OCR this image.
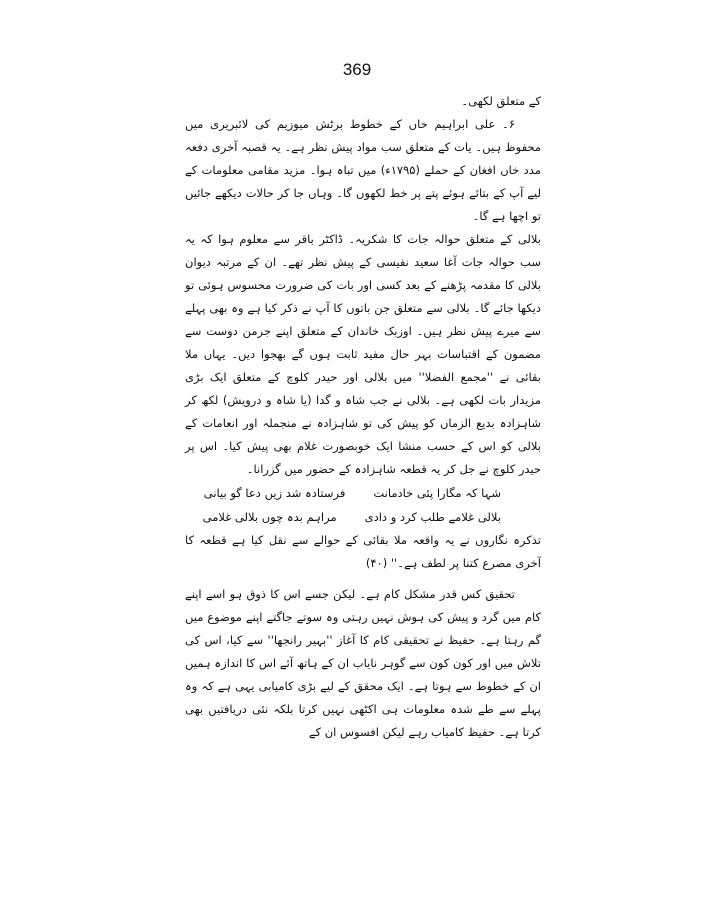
369

کے متعلق لکھی۔

۶۔ علی ابراہیم خاں کے خطوط برٹش میوزیم کی لائبریری میں محفوظ ہیں۔ یات کے متعلق سب مواد پیش نظر ہے۔ یہ قصبہ آخری دفعہ مدد خاں افغان کے حملے (۱۷۹۵ء) میں تباہ ہوا۔ مزید مقامی معلومات کے لیے آپ کے بتائے ہوئے پتے پر خط لکھوں گا۔ وہاں جا کر حالات دیکھے جائیں تو اچھا ہے گا۔

بلالی کے متعلق حوالہ جات کا شکریہ۔ ڈاکٹر باقر سے معلوم ہوا کہ یہ سب حوالہ جات آغا سعید نفیسی کے پیش نظر تھے۔ ان کے مرتبہ دیوان بلالی کا مقدمہ پڑھنے کے بعد کسی اور بات کی ضرورت محسوس ہوئی تو دیکھا جائے گا۔ بلالی سے متعلق جن باتوں کا آپ نے ذکر کیا ہے وہ بھی پہلے سے میرے پیش نظر ہیں۔ اوزبک خاندان کے متعلق اپنے جرمن دوست سے مضمون کے اقتباسات بہر حال مفید ثابت ہوں گے بھجوا دیں۔ یہاں ملا بقائی نے ''مجمع الفضلا'' میں بلالی اور حیدر کلوچ کے متعلق ایک بڑی مزیدار بات لکھی ہے۔ بلالی نے جب شاہ و گدا (یا شاہ و درویش) لکھ کر شاہزادہ بدیع الزماں کو پیش کی تو شاہزادہ نے منجملہ اور انعامات کے بلالی کو اس کے حسب منشا ایک خوبصورت غلام بھی پیش کیا۔ اس پر حیدر کلوچ نے جل کر یہ قطعہ شاہزادہ کے حضور میں گزرانا۔

شہا کہ مگارا پئی خادمانت
فرستادہ شد زیں دعا گو بیانی
بلالی غلامے طلب کرد و دادی
مراہم بدہ چوں بلالی غلامی

تذکرہ نگاروں نے یہ واقعہ ملا بقائی کے حوالے سے نقل کیا ہے قطعہ کا آخری مصرع کتنا پر لطف ہے۔'' (۴۰)

تحقیق کس قدر مشکل کام ہے۔ لیکن جسے اس کا ذوق ہو اسے اپنے کام میں گرد و پیش کی ہوش نہیں رہتی وہ سوتے جاگتے اپنے موضوع میں گم رہتا ہے۔ حفیظ نے تحقیقی کام کا آغاز ''بہیر رانجھا'' سے کیا، اس کی تلاش میں اور کون کون سے گوہر نایاب ان کے ہاتھ آئے اس کا اندازہ ہمیں ان کے خطوط سے ہوتا ہے۔ ایک محقق کے لیے بڑی کامیابی یہی ہے کہ وہ پہلے سے طے شدہ معلومات ہی اکٹھی نہیں کرتا بلکہ نئی دریافتیں بھی کرتا ہے۔ حفیظ کامیاب رہے لیکن افسوس ان کے
